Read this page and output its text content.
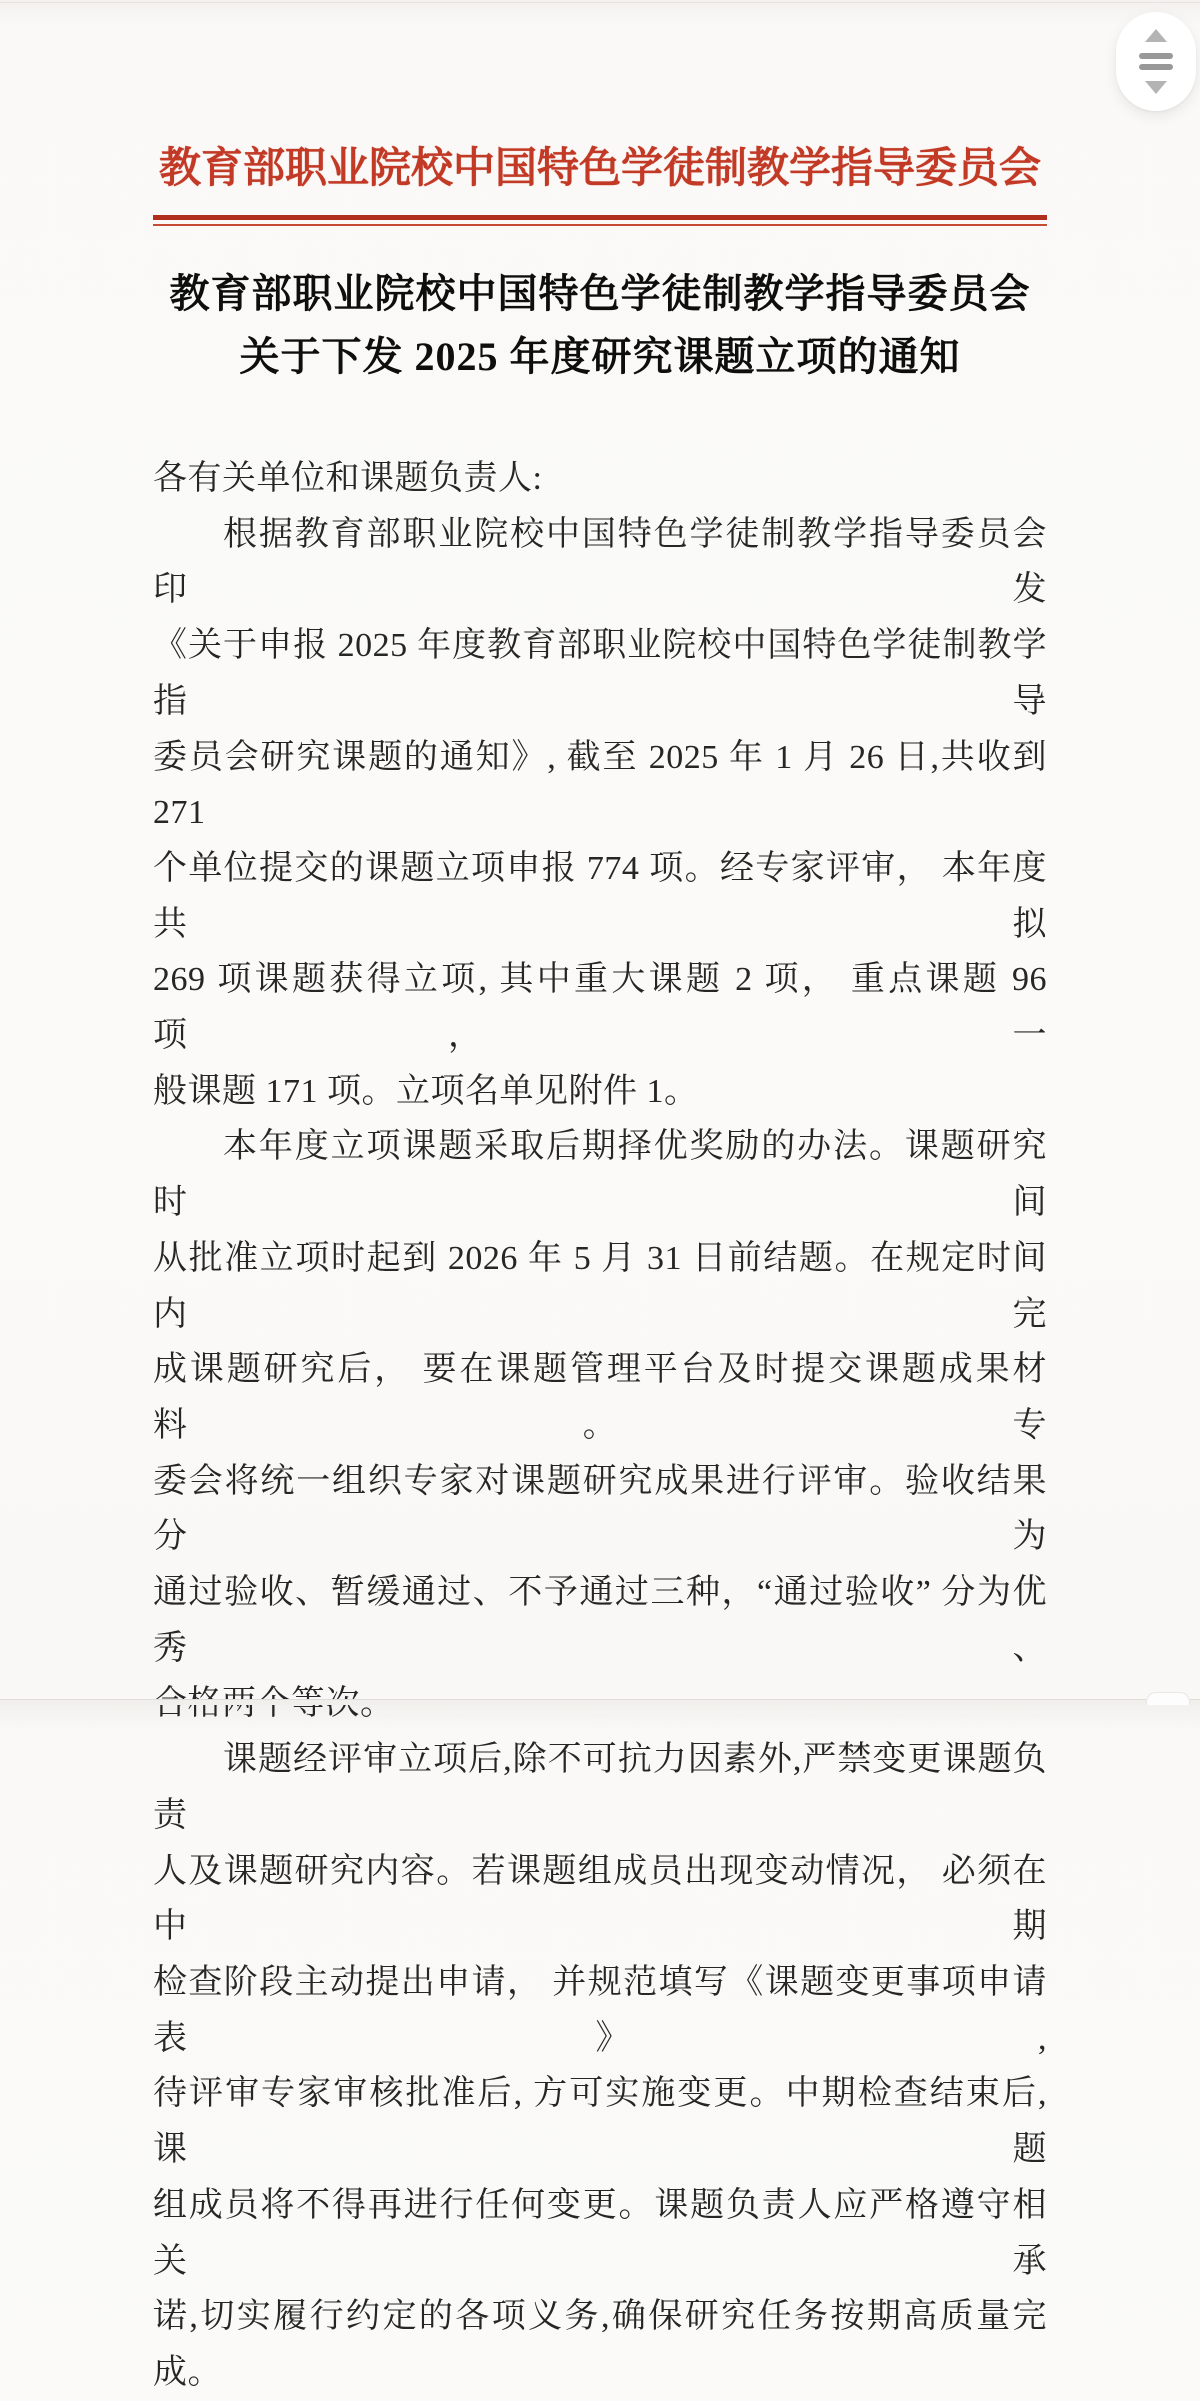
教育部职业院校中国特色学徒制教学指导委员会
教育部职业院校中国特色学徒制教学指导委员会
关于下发 2025 年度研究课题立项的通知
各有关单位和课题负责人:
根据教育部职业院校中国特色学徒制教学指导委员会印发
《关于申报 2025 年度教育部职业院校中国特色学徒制教学指导
委员会研究课题的通知》, 截至 2025 年 1 月 26 日,共收到 271
个单位提交的课题立项申报 774 项。经专家评审， 本年度共拟
269 项课题获得立项, 其中重大课题 2 项， 重点课题 96 项， 一
般课题 171 项。立项名单见附件 1。
本年度立项课题采取后期择优奖励的办法。课题研究时间
从批准立项时起到 2026 年 5 月 31 日前结题。在规定时间内完
成课题研究后， 要在课题管理平台及时提交课题成果材料。专
委会将统一组织专家对课题研究成果进行评审。验收结果分为
通过验收、暂缓通过、不予通过三种，“通过验收” 分为优秀、
课题经评审立项后,除不可抗力因素外,严禁变更课题负责
人及课题研究内容。若课题组成员出现变动情况， 必须在中期
检查阶段主动提出申请， 并规范填写《课题变更事项申请表》,
待评审专家审核批准后, 方可实施变更。中期检查结束后, 课题
组成员将不得再进行任何变更。课题负责人应严格遵守相关承
诺,切实履行约定的各项义务,确保研究任务按期高质量完成。
